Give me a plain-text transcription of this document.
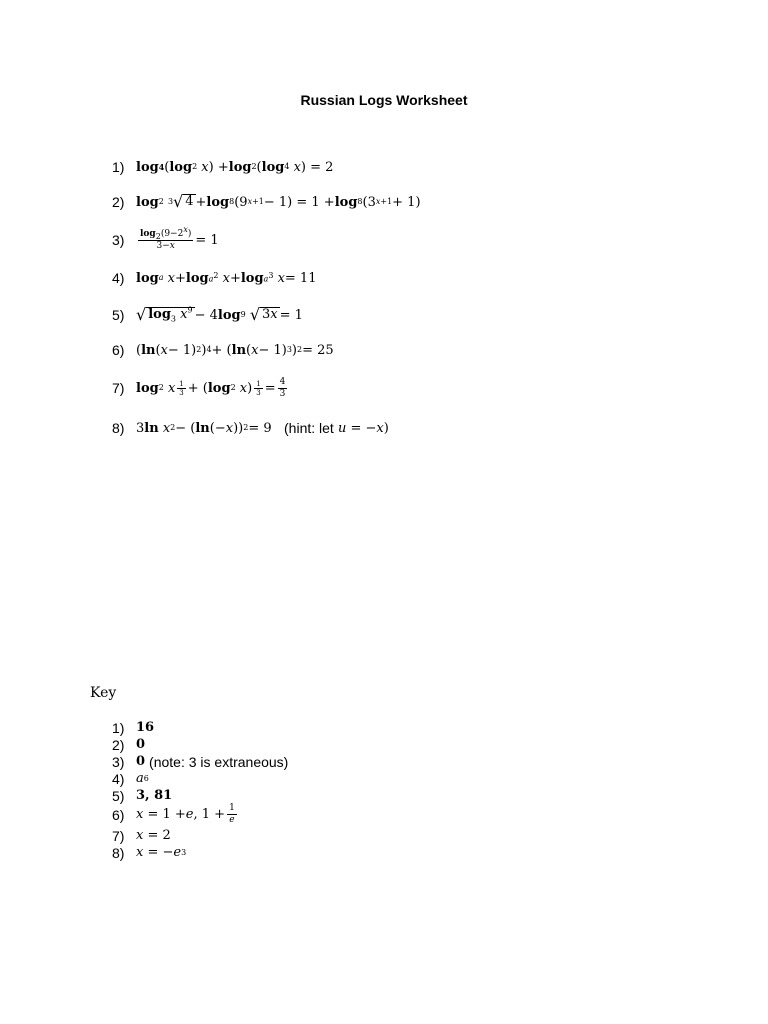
Russian Logs Worksheet
1) log 4 ( log 2
x ) + log 2 ( log 4
x ) = 2
2) log 2
3 √ 4 + log 8 (9 x+1 − 1) = 1 + log 8 (3 x+1 + 1)
3)	$\frac{\log_2(9-2^x)}{3-x} = 1$
4) log a
$x + \log a^2$
$x + \log a^3$
x = 11
5) √ $\log_3 x^9 - 4$ log 9
√ 3x = 1
6) ( ln ( x − 1) 2 ) 4 + ( ln ( x − 1) 3 ) 2 = 25
7) log 2
x $\frac{1}{3}$ + ( log 2
x ) $\frac{1}{3} = \frac{4}{3}$
8) 3 ln
x 2 − ( ln (− x )) 2 = 9 (hint: let
u = − x )
Key
1) 16
2) 0
3) 0 (note: 3 is extraneous)
4) a 6
5) 3, 81
6) x = 1 + e , $1 + \frac{1}{e}$
7) x = 2
8) x = − e 3
